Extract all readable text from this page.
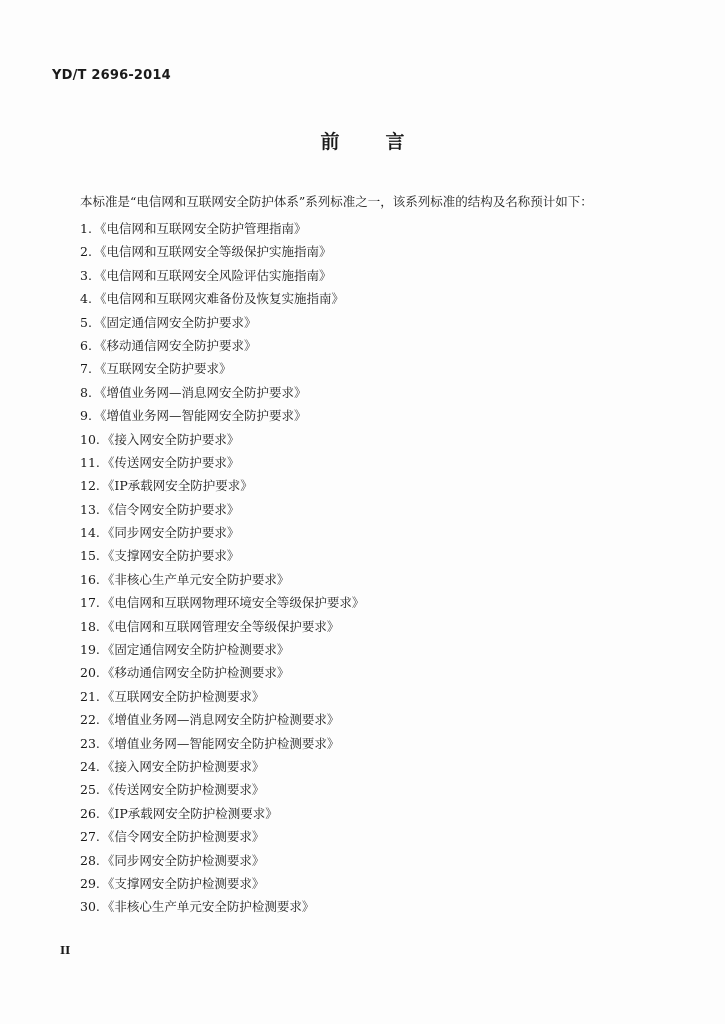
YD/T 2696-2014
前言
本标准是“电信网和互联网安全防护体系”系列标准之一，该系列标准的结构及名称预计如下：
1. 《电信网和互联网安全防护管理指南》
2. 《电信网和互联网安全等级保护实施指南》
3. 《电信网和互联网安全风险评估实施指南》
4. 《电信网和互联网灾难备份及恢复实施指南》
5. 《固定通信网安全防护要求》
6. 《移动通信网安全防护要求》
7. 《互联网安全防护要求》
8. 《增值业务网—消息网安全防护要求》
9. 《增值业务网—智能网安全防护要求》
10. 《接入网安全防护要求》
11. 《传送网安全防护要求》
12. 《IP承载网安全防护要求》
13. 《信令网安全防护要求》
14. 《同步网安全防护要求》
15. 《支撑网安全防护要求》
16. 《非核心生产单元安全防护要求》
17. 《电信网和互联网物理环境安全等级保护要求》
18. 《电信网和互联网管理安全等级保护要求》
19. 《固定通信网安全防护检测要求》
20. 《移动通信网安全防护检测要求》
21. 《互联网安全防护检测要求》
22. 《增值业务网—消息网安全防护检测要求》
23. 《增值业务网—智能网安全防护检测要求》
24. 《接入网安全防护检测要求》
25. 《传送网安全防护检测要求》
26. 《IP承载网安全防护检测要求》
27. 《信令网安全防护检测要求》
28. 《同步网安全防护检测要求》
29. 《支撑网安全防护检测要求》
30. 《非核心生产单元安全防护检测要求》
II
